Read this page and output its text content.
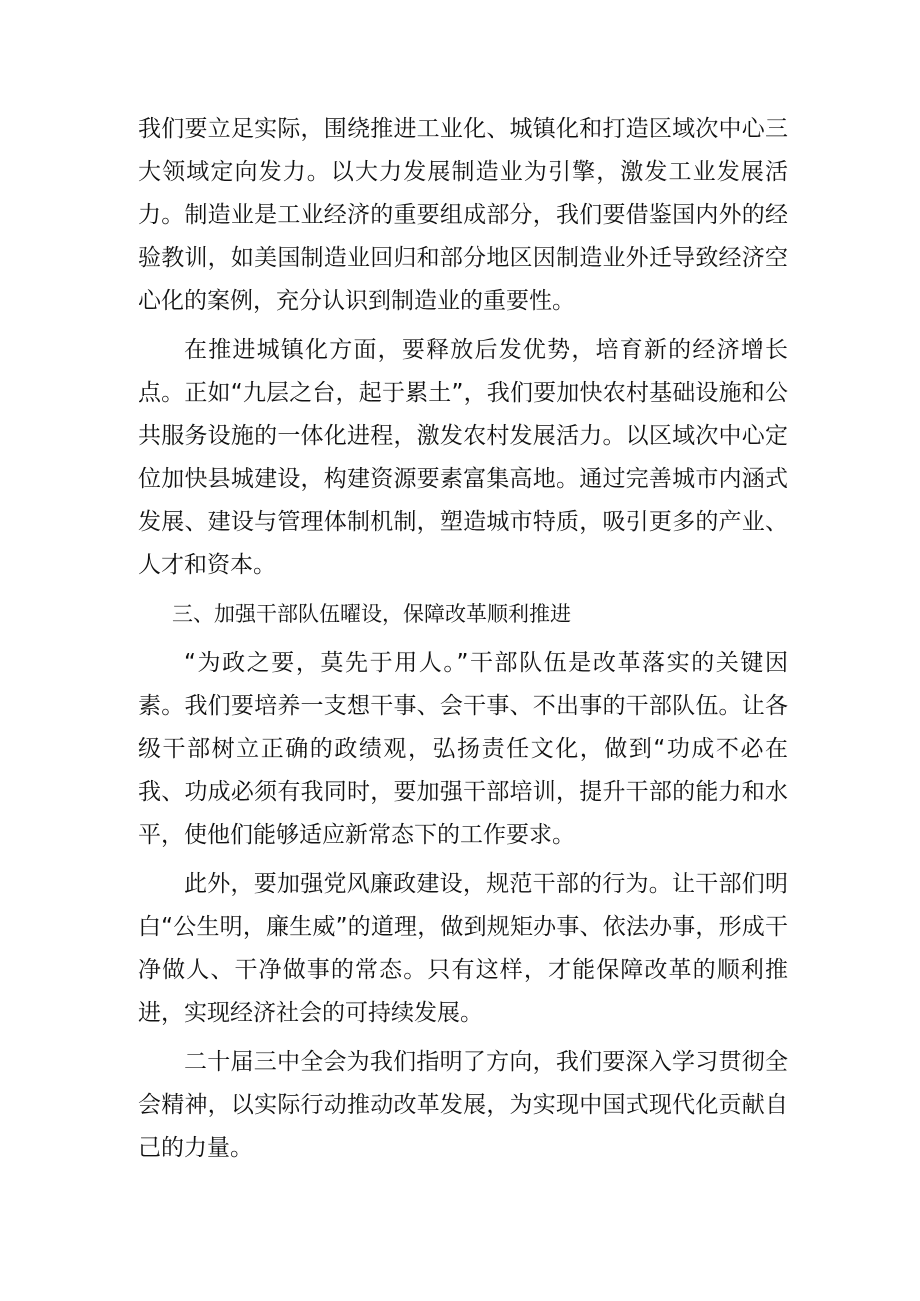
我们要立足实际，围绕推进工业化、城镇化和打造区域次中心三大领域定向发力。以大力发展制造业为引擎，激发工业发展活力。制造业是工业经济的重要组成部分，我们要借鉴国内外的经验教训，如美国制造业回归和部分地区因制造业外迁导致经济空心化的案例，充分认识到制造业的重要性。

在推进城镇化方面，要释放后发优势，培育新的经济增长点。正如“九层之台，起于累土”，我们要加快农村基础设施和公共服务设施的一体化进程，激发农村发展活力。以区域次中心定位加快县城建设，构建资源要素富集高地。通过完善城市内涵式发展、建设与管理体制机制，塑造城市特质，吸引更多的产业、人才和资本。

三、加强干部队伍曜设，保障改革顺利推进

“为政之要，莫先于用人。”干部队伍是改革落实的关键因素。我们要培养一支想干事、会干事、不出事的干部队伍。让各级干部树立正确的政绩观，弘扬责任文化，做到“功成不必在我、功成必须有我同时，要加强干部培训，提升干部的能力和水平，使他们能够适应新常态下的工作要求。

此外，要加强党风廉政建设，规范干部的行为。让干部们明白“公生明，廉生威”的道理，做到规矩办事、依法办事，形成干净做人、干净做事的常态。只有这样，才能保障改革的顺利推进，实现经济社会的可持续发展。

二十届三中全会为我们指明了方向，我们要深入学习贯彻全会精神，以实际行动推动改革发展，为实现中国式现代化贡献自己的力量。
